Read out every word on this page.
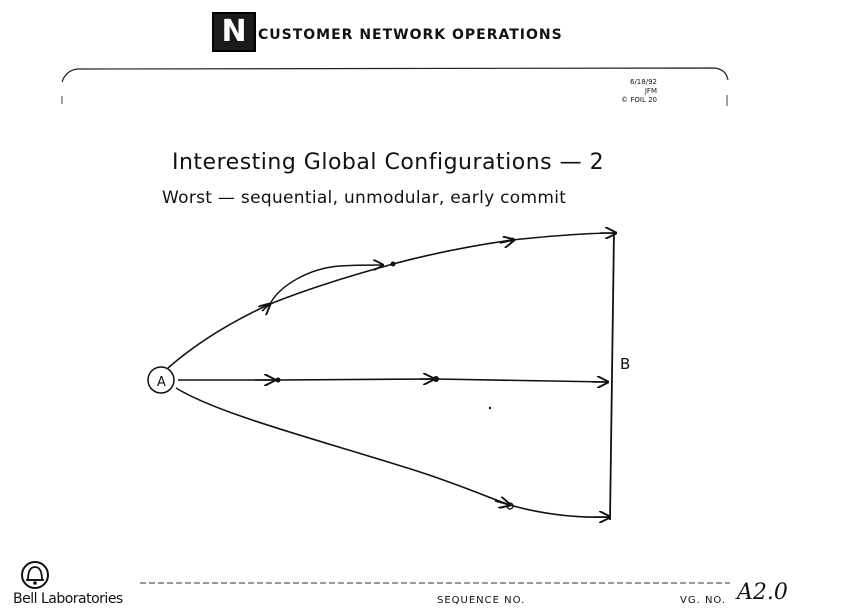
N CUSTOMER NETWORK OPERATIONS
6/18/92
JFM
© FOIL 20
A
B
Interesting Global Configurations — 2
Worst — sequential, unmodular, early commit
Bell Laboratories	SEQUENCE NO.	VG. NO. A2.0
